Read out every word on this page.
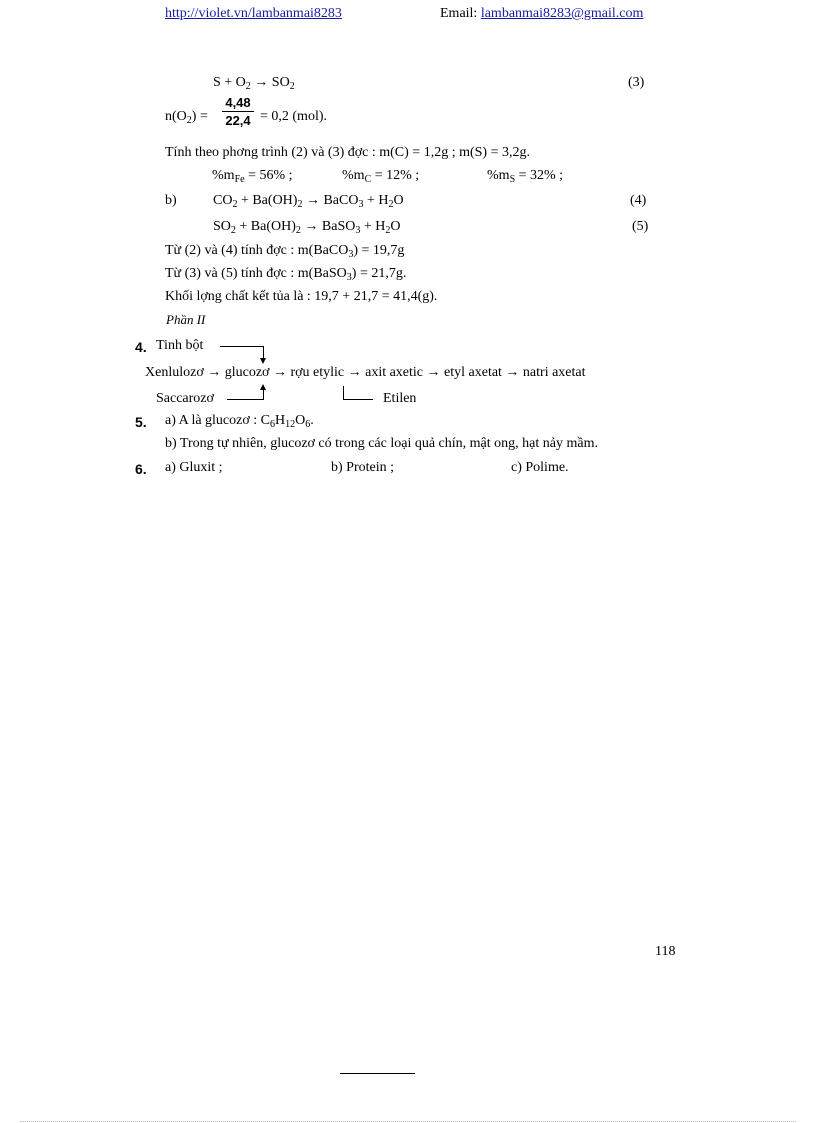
http://violet.vn/lambanmai8283	Email: lambanmai8283@gmail.com
$S + O_2 \to SO_2$	(3)
$n(O_2) = \frac{4,48}{22,4} = 0,2$ (mol).
Tính theo phơng trình (2) và (3) đợc : m(C) = 1,2g ; m(S) = 3,2g.
$\%m_{Fe} = 56\%$ ;	$\%m_C = 12\%$ ;	$\%m_S = 32\%$ ;
b)	$CO_2 + Ba(OH)_2$ → BaCO$_3$ + $H_2O$	(4)
$SO_2 + Ba(OH)_2$ → BaSO$_3$ + $H_2O$	(5)
Từ (2) và (4) tính đợc : m(BaCO$_3$) = 19,7g
Từ (3) và (5) tính đợc : m(BaSO$_3$) = 21,7g.
Khối lợng chất kết tủa là : 19,7 + 21,7 = 41,4(g).
Phần II
4. Tinh bột
Xenlulozơ → glucozơ → rợu etylic → axit axetic → etyl axetat → natri axetat
Saccarozơ	Etilen
5. a) A là glucozơ : $C_6H_{12}O_6$.
b) Trong tự nhiên, glucozơ có trong các loại quả chín, mật ong, hạt nảy mầm.
6. a) Gluxit ;	b) Protein ;	c) Polime.
118
